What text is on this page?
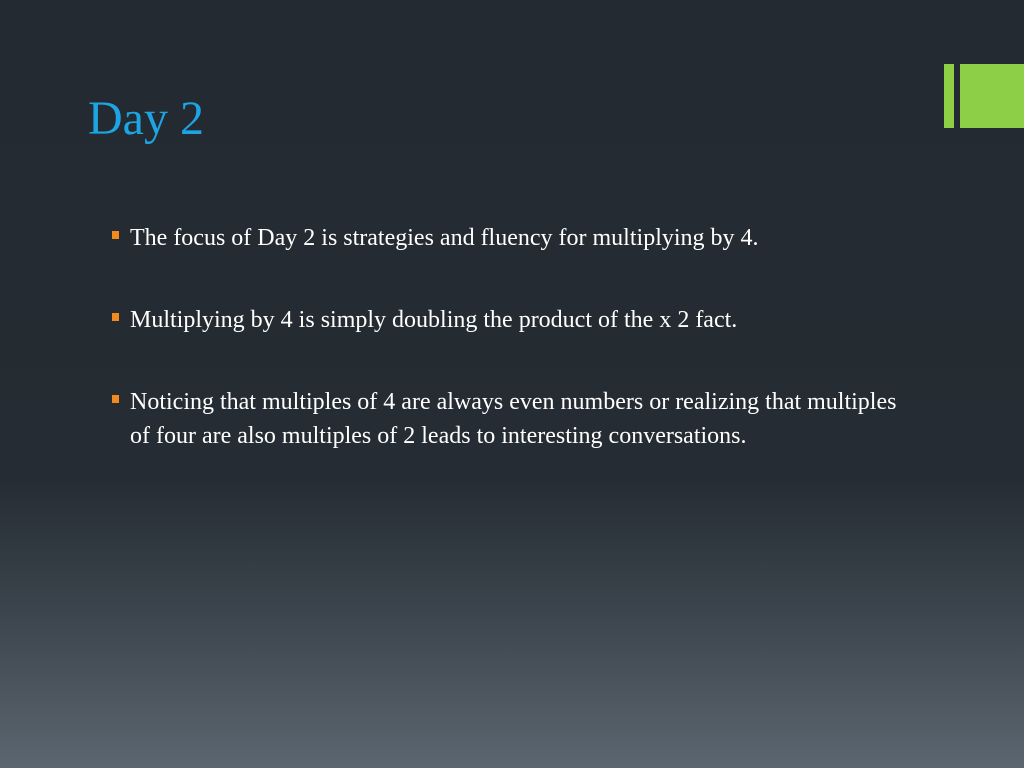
Day 2
The focus of Day 2 is strategies and fluency for multiplying by 4.
Multiplying by 4 is simply doubling the product of the x 2 fact.
Noticing that multiples of 4 are always even numbers or realizing that multiples of four are also multiples of 2 leads to interesting conversations.
